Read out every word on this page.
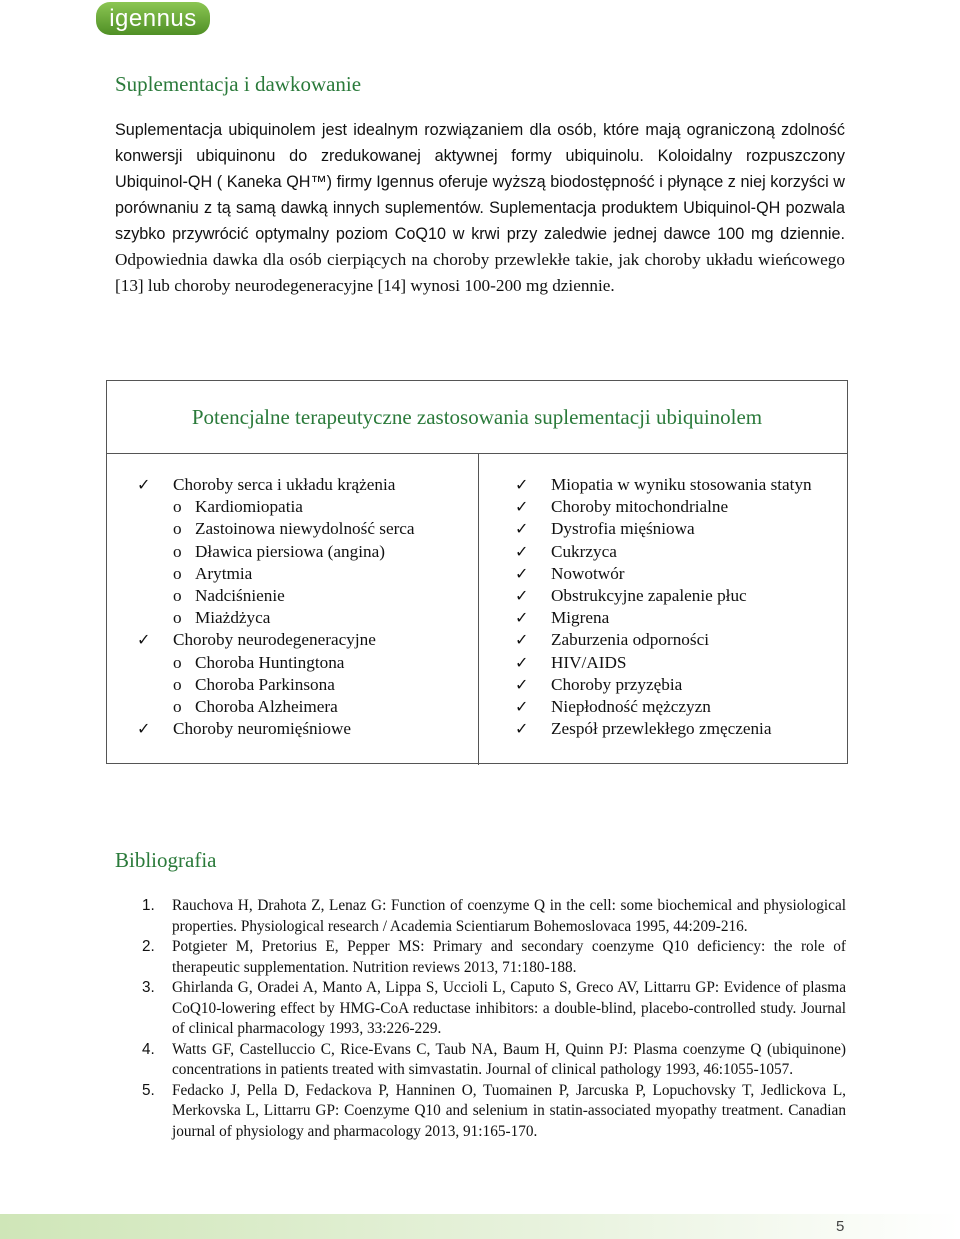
igennus
Suplementacja i dawkowanie
Suplementacja ubiquinolem jest idealnym rozwiązaniem dla osób, które mają ograniczoną zdolność konwersji ubiquinonu do zredukowanej aktywnej formy ubiquinolu. Koloidalny rozpuszczony Ubiquinol-QH ( Kaneka QH™) firmy Igennus oferuje wyższą biodostępność i płynące z niej korzyści w porównaniu z tą samą dawką innych suplementów. Suplementacja produktem Ubiquinol-QH pozwala szybko przywrócić optymalny poziom CoQ10 w krwi przy zaledwie jednej dawce 100 mg dziennie. Odpowiednia dawka dla osób cierpiących na choroby przewlekłe takie, jak choroby układu wieńcowego [13] lub choroby neurodegeneracyjne [14] wynosi 100-200 mg dziennie.
Potencjalne terapeutyczne zastosowania suplementacji ubiquinolem
✓	Choroby serca i układu krążenia
o Kardiomiopatia
o Zastoinowa niewydolność serca
o Dławica piersiowa (angina)
o Arytmia
o Nadciśnienie
o Miażdżyca
✓	Choroby neurodegeneracyjne
o Choroba Huntingtona
o Choroba Parkinsona
o Choroba Alzheimera
✓	Choroby neuromięśniowe
✓	Miopatia w wyniku stosowania statyn
✓	Choroby mitochondrialne
✓	Dystrofia mięśniowa
✓	Cukrzyca
✓	Nowotwór
✓	Obstrukcyjne zapalenie płuc
✓	Migrena
✓	Zaburzenia odporności
✓	HIV/AIDS
✓	Choroby przyzębia
✓	Niepłodność mężczyzn
✓	Zespół przewlekłego zmęczenia
Bibliografia
1.	Rauchova H, Drahota Z, Lenaz G: Function of coenzyme Q in the cell: some biochemical and physiological properties. Physiological research / Academia Scientiarum Bohemoslovaca 1995, 44:209-216.
2.	Potgieter M, Pretorius E, Pepper MS: Primary and secondary coenzyme Q10 deficiency: the role of therapeutic supplementation. Nutrition reviews 2013, 71:180-188.
3.	Ghirlanda G, Oradei A, Manto A, Lippa S, Uccioli L, Caputo S, Greco AV, Littarru GP: Evidence of plasma CoQ10-lowering effect by HMG-CoA reductase inhibitors: a double-blind, placebo-controlled study. Journal of clinical pharmacology 1993, 33:226-229.
4.	Watts GF, Castelluccio C, Rice-Evans C, Taub NA, Baum H, Quinn PJ: Plasma coenzyme Q (ubiquinone) concentrations in patients treated with simvastatin. Journal of clinical pathology 1993, 46:1055-1057.
5.	Fedacko J, Pella D, Fedackova P, Hanninen O, Tuomainen P, Jarcuska P, Lopuchovsky T, Jedlickova L, Merkovska L, Littarru GP: Coenzyme Q10 and selenium in statin-associated myopathy treatment. Canadian journal of physiology and pharmacology 2013, 91:165-170.
5
